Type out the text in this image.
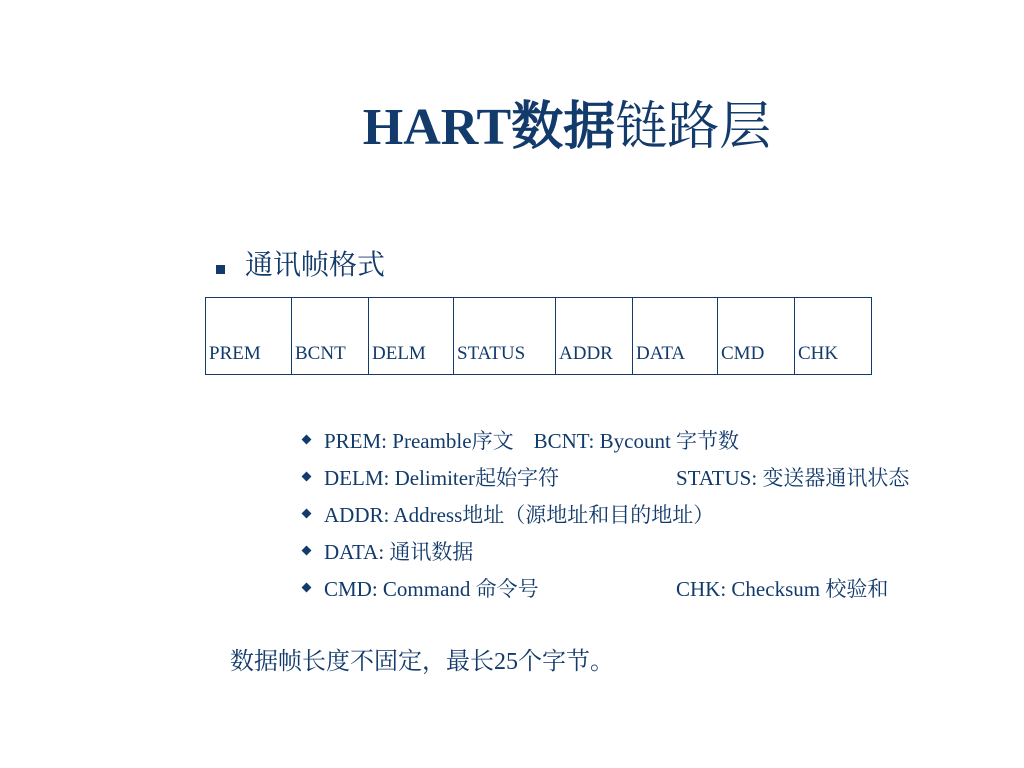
HART数据链路层
通讯帧格式
PREM BCNT DELM STATUS ADDR DATA CMD CHK
PREM: Preamble序文 BCNT: Bycount 字节数
DELM: Delimiter起始字符	STATUS: 变送器通讯状态
ADDR: Address地址（源地址和目的地址）
DATA: 通讯数据
CMD: Command 命令号	CHK: Checksum 校验和
数据帧长度不固定，最长25个字节。
